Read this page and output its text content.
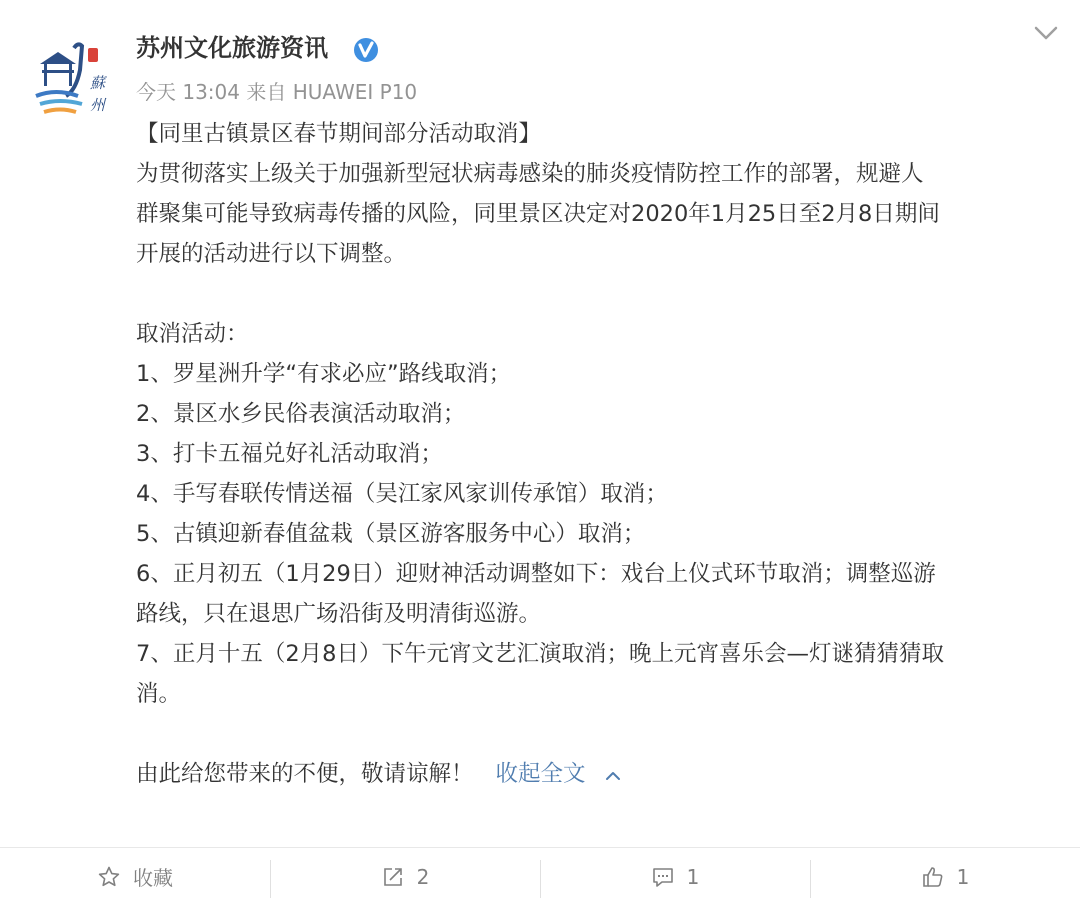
蘇
州
苏州文化旅游资讯
今天 13:04 来自 HUAWEI P10

【同里古镇景区春节期间部分活动取消】

为贯彻落实上级关于加强新型冠状病毒感染的肺炎疫情防控工作的部署，规避人

群聚集可能导致病毒传播的风险，同里景区决定对2020年1月25日至2月8日期间

开展的活动进行以下调整。

取消活动：

1、罗星洲升学“有求必应”路线取消；

2、景区水乡民俗表演活动取消；

3、打卡五福兑好礼活动取消；

4、手写春联传情送福（吴江家风家训传承馆）取消；

5、古镇迎新春值盆栽（景区游客服务中心）取消；

6、正月初五（1月29日）迎财神活动调整如下：戏台上仪式环节取消；调整巡游

路线，只在退思广场沿街及明清街巡游。

7、正月十五（2月8日）下午元宵文艺汇演取消；晚上元宵喜乐会—灯谜猜猜猜取

消。

由此给您带来的不便，敬请谅解！ 收起全文

收藏	2	1	1
